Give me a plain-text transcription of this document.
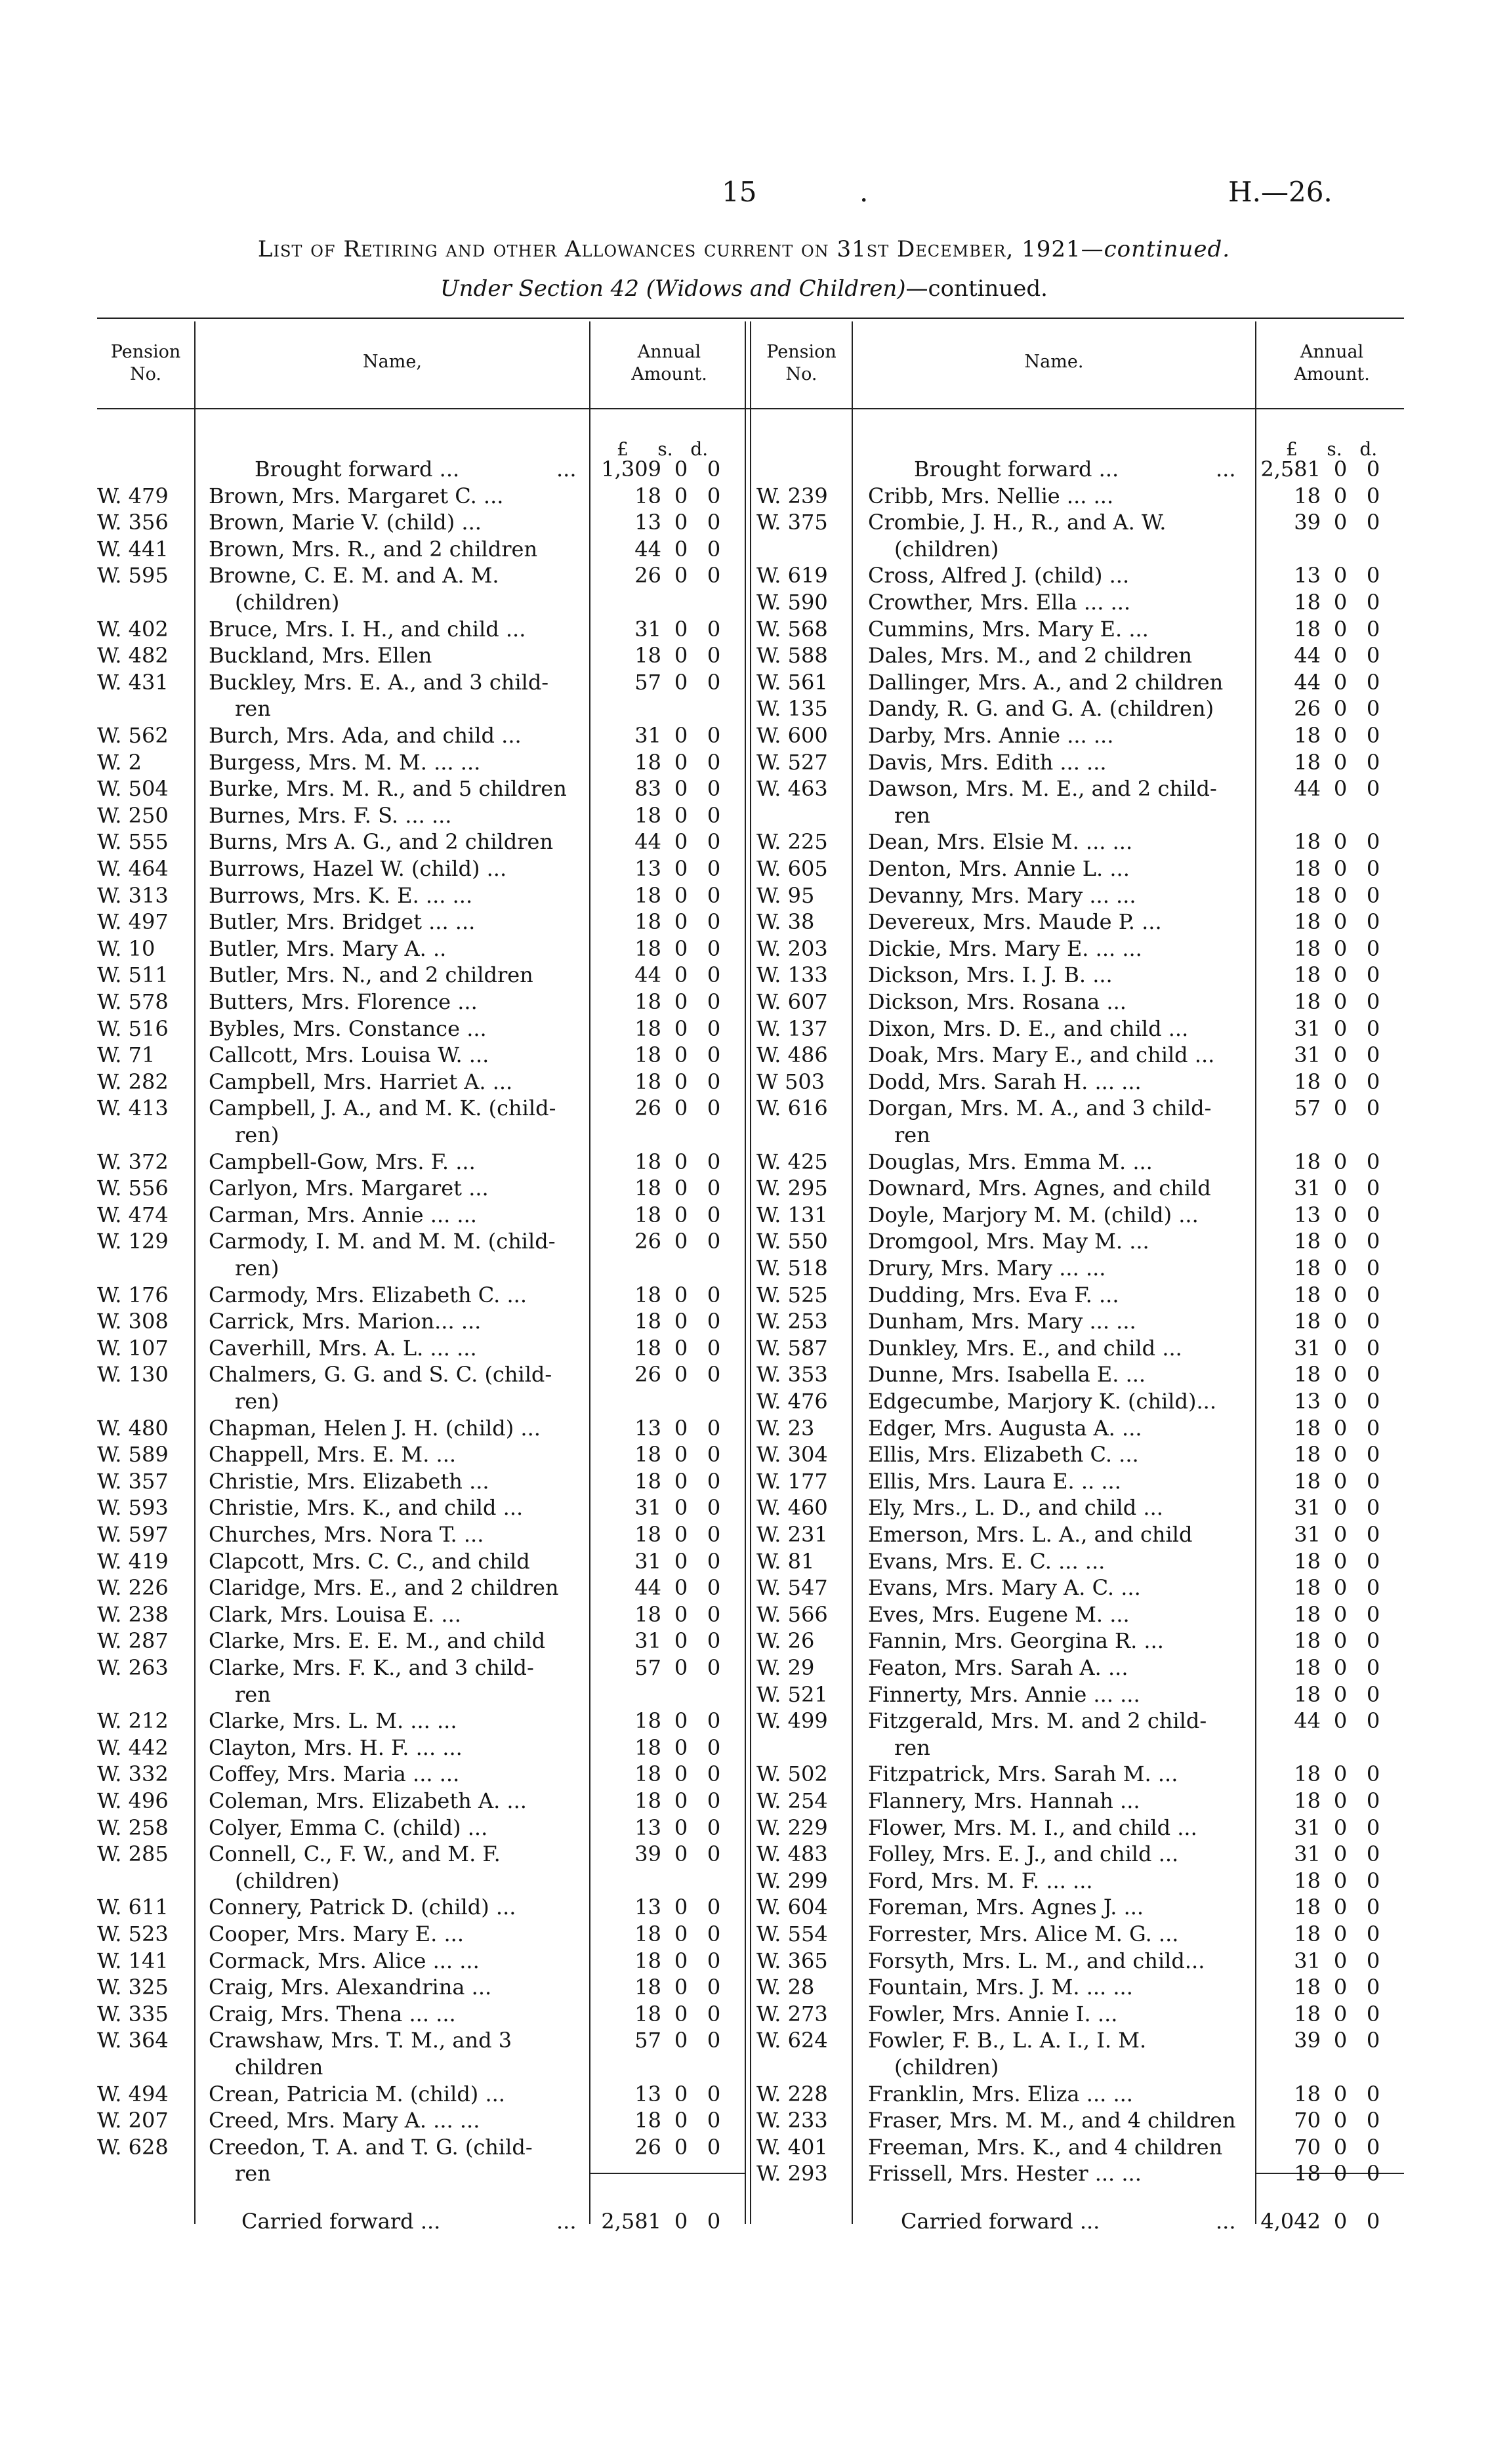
15	.	H.—26.
List of Retiring and other Allowances current on 31st December, 1921—continued.
Under Section 42 (Widows and Children)—continued.
Pension No.
Name,	Annual Amount.
Pension No.
Name.	Annual Amount.
£ s. d.	£ s. d.
Brought forward ...	...	1,309 0 0
W. 479	Brown, Mrs. Margaret C. ...	18 0 0
W. 356	Brown, Marie V. (child) ...	13 0 0
W. 441	Brown, Mrs. R., and 2 children	44 0 0
W. 595	Browne, C. E. M. and A. M.	26 0 0
(children)
W. 402	Bruce, Mrs. I. H., and child ...	31 0 0
W. 482	Buckland, Mrs. Ellen	18 0 0
W. 431	Buckley, Mrs. E. A., and 3 child-	57 0 0
ren
W. 562	Burch, Mrs. Ada, and child ...	31 0 0
W. 2	Burgess, Mrs. M. M. ... ...	18 0 0
W. 504	Burke, Mrs. M. R., and 5 children	83 0 0
W. 250	Burnes, Mrs. F. S. ... ...	18 0 0
W. 555	Burns, Mrs A. G., and 2 children	44 0 0
W. 464	Burrows, Hazel W. (child) ...	13 0 0
W. 313	Burrows, Mrs. K. E. ... ...	18 0 0
W. 497	Butler, Mrs. Bridget ... ...	18 0 0
W. 10	Butler, Mrs. Mary A. ..	18 0 0
W. 511	Butler, Mrs. N., and 2 children	44 0 0
W. 578	Butters, Mrs. Florence ...	18 0 0
W. 516	Bybles, Mrs. Constance ...	18 0 0
W. 71	Callcott, Mrs. Louisa W. ...	18 0 0
W. 282	Campbell, Mrs. Harriet A. ...	18 0 0
W. 413	Campbell, J. A., and M. K. (child-	26 0 0
ren)
W. 372	Campbell-Gow, Mrs. F. ...	18 0 0
W. 556	Carlyon, Mrs. Margaret ...	18 0 0
W. 474	Carman, Mrs. Annie ... ...	18 0 0
W. 129	Carmody, I. M. and M. M. (child-	26 0 0
ren)
W. 176	Carmody, Mrs. Elizabeth C. ...	18 0 0
W. 308	Carrick, Mrs. Marion... ...	18 0 0
W. 107	Caverhill, Mrs. A. L. ... ...	18 0 0
W. 130	Chalmers, G. G. and S. C. (child-	26 0 0
ren)
W. 480	Chapman, Helen J. H. (child) ...	13 0 0
W. 589	Chappell, Mrs. E. M. ...	18 0 0
W. 357	Christie, Mrs. Elizabeth ...	18 0 0
W. 593	Christie, Mrs. K., and child ...	31 0 0
W. 597	Churches, Mrs. Nora T. ...	18 0 0
W. 419	Clapcott, Mrs. C. C., and child	31 0 0
W. 226	Claridge, Mrs. E., and 2 children	44 0 0
W. 238	Clark, Mrs. Louisa E. ...	18 0 0
W. 287	Clarke, Mrs. E. E. M., and child	31 0 0
W. 263	Clarke, Mrs. F. K., and 3 child-	57 0 0
ren
W. 212	Clarke, Mrs. L. M. ... ...	18 0 0
W. 442	Clayton, Mrs. H. F. ... ...	18 0 0
W. 332	Coffey, Mrs. Maria ... ...	18 0 0
W. 496	Coleman, Mrs. Elizabeth A. ...	18 0 0
W. 258	Colyer, Emma C. (child) ...	13 0 0
W. 285	Connell, C., F. W., and M. F.	39 0 0
(children)
W. 611	Connery, Patrick D. (child) ...	13 0 0
W. 523	Cooper, Mrs. Mary E. ...	18 0 0
W. 141	Cormack, Mrs. Alice ... ...	18 0 0
W. 325	Craig, Mrs. Alexandrina ...	18 0 0
W. 335	Craig, Mrs. Thena ... ...	18 0 0
W. 364	Crawshaw, Mrs. T. M., and 3	57 0 0
children
W. 494	Crean, Patricia M. (child) ...	13 0 0
W. 207	Creed, Mrs. Mary A. ... ...	18 0 0
W. 628	Creedon, T. A. and T. G. (child-	26 0 0
ren
Carried forward ...	...	2,581 0 0
Brought forward ...	...	2,581 0 0
W. 239	Cribb, Mrs. Nellie ... ...	18 0 0
W. 375	Crombie, J. H., R., and A. W.	39 0 0
(children)
W. 619	Cross, Alfred J. (child) ...	13 0 0
W. 590	Crowther, Mrs. Ella ... ...	18 0 0
W. 568	Cummins, Mrs. Mary E. ...	18 0 0
W. 588	Dales, Mrs. M., and 2 children	44 0 0
W. 561	Dallinger, Mrs. A., and 2 children	44 0 0
W. 135	Dandy, R. G. and G. A. (children)	26 0 0
W. 600	Darby, Mrs. Annie ... ...	18 0 0
W. 527	Davis, Mrs. Edith ... ...	18 0 0
W. 463	Dawson, Mrs. M. E., and 2 child-	44 0 0
ren
W. 225	Dean, Mrs. Elsie M. ... ...	18 0 0
W. 605	Denton, Mrs. Annie L. ...	18 0 0
W. 95	Devanny, Mrs. Mary ... ...	18 0 0
W. 38	Devereux, Mrs. Maude P. ...	18 0 0
W. 203	Dickie, Mrs. Mary E. ... ...	18 0 0
W. 133	Dickson, Mrs. I. J. B. ...	18 0 0
W. 607	Dickson, Mrs. Rosana ...	18 0 0
W. 137	Dixon, Mrs. D. E., and child ...	31 0 0
W. 486	Doak, Mrs. Mary E., and child ...	31 0 0
W 503	Dodd, Mrs. Sarah H. ... ...	18 0 0
W. 616	Dorgan, Mrs. M. A., and 3 child-	57 0 0
ren
W. 425	Douglas, Mrs. Emma M. ...	18 0 0
W. 295	Downard, Mrs. Agnes, and child	31 0 0
W. 131	Doyle, Marjory M. M. (child) ...	13 0 0
W. 550	Dromgool, Mrs. May M. ...	18 0 0
W. 518	Drury, Mrs. Mary ... ...	18 0 0
W. 525	Dudding, Mrs. Eva F. ...	18 0 0
W. 253	Dunham, Mrs. Mary ... ...	18 0 0
W. 587	Dunkley, Mrs. E., and child ...	31 0 0
W. 353	Dunne, Mrs. Isabella E. ...	18 0 0
W. 476	Edgecumbe, Marjory K. (child)...	13 0 0
W. 23	Edger, Mrs. Augusta A. ...	18 0 0
W. 304	Ellis, Mrs. Elizabeth C. ...	18 0 0
W. 177	Ellis, Mrs. Laura E. .. ...	18 0 0
W. 460	Ely, Mrs., L. D., and child ...	31 0 0
W. 231	Emerson, Mrs. L. A., and child	31 0 0
W. 81	Evans, Mrs. E. C. ... ...	18 0 0
W. 547	Evans, Mrs. Mary A. C. ...	18 0 0
W. 566	Eves, Mrs. Eugene M. ...	18 0 0
W. 26	Fannin, Mrs. Georgina R. ...	18 0 0
W. 29	Featon, Mrs. Sarah A. ...	18 0 0
W. 521	Finnerty, Mrs. Annie ... ...	18 0 0
W. 499	Fitzgerald, Mrs. M. and 2 child-	44 0 0
ren
W. 502	Fitzpatrick, Mrs. Sarah M. ...	18 0 0
W. 254	Flannery, Mrs. Hannah ...	18 0 0
W. 229	Flower, Mrs. M. I., and child ...	31 0 0
W. 483	Folley, Mrs. E. J., and child ...	31 0 0
W. 299	Ford, Mrs. M. F. ... ...	18 0 0
W. 604	Foreman, Mrs. Agnes J. ...	18 0 0
W. 554	Forrester, Mrs. Alice M. G. ...	18 0 0
W. 365	Forsyth, Mrs. L. M., and child...	31 0 0
W. 28	Fountain, Mrs. J. M. ... ...	18 0 0
W. 273	Fowler, Mrs. Annie I. ...	18 0 0
W. 624	Fowler, F. B., L. A. I., I. M.	39 0 0
(children)
W. 228	Franklin, Mrs. Eliza ... ...	18 0 0
W. 233	Fraser, Mrs. M. M., and 4 children	70 0 0
W. 401	Freeman, Mrs. K., and 4 children	70 0 0
W. 293	Frissell, Mrs. Hester ... ...	18 0 0
Carried forward ...	...	4,042 0 0
